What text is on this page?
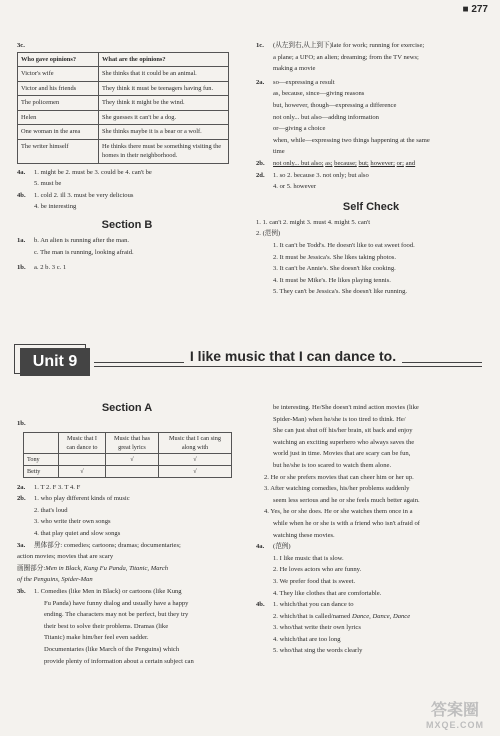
■ 277
3c.
Who gave opinions?	What are the opinions?
Victor's wife	She thinks that it could be an animal.
Victor and his friends	They think it must be teenagers having fun.
The policemen	They think it might be the wind.
Helen	She guesses it can't be a dog.
One woman in the area	She thinks maybe it is a bear or a wolf.
The writer himself	He thinks there must be something visiting the homes in their neighborhood.
4a.	1. might be 2. must be 3. could be 4. can't be
5. must be
4b.	1. cold 2. ill 3. must be very delicious
4. be interesting
Section B
1a.	b. An alien is running after the man.
c. The man is running, looking afraid.
1b.	a. 2 b. 3 c. 1
1c.	(从左到右,从上到下)late for work; running for exercise;
a plane; a UFO; an alien; dreaming; from the TV news;
making a movie
2a.	so—expressing a result
as, because, since—giving reasons
but, however, though—expressing a difference
not only... but also—adding information
or—giving a choice
when, while—expressing two things happening at the same
time
2b.	not only... but also; as; because; but; however; or; and
2d.	1. so 2. because 3. not only; but also
4. or 5. however
Self Check
1. 1. can't 2. might 3. must 4. might 5. can't
2. (范例)
1. It can't be Todd's. He doesn't like to eat sweet food.
2. It must be Jessica's. She likes taking photos.
3. It can't be Annie's. She doesn't like cooking.
4. It must be Mike's. He likes playing tennis.
5. They can't be Jessica's. She doesn't like running.
Unit 9	I like music that I can dance to.
Section A
1b.
	Music that I can dance to	Music that has great lyrics	Music that I can sing along with
Tony		√	√
Betty	√		√
2a.	1. T 2. F 3. T 4. F
2b.	1. who play different kinds of music
2. that's loud
3. who write their own songs
4. that play quiet and slow songs
3a.	黑体部分: comedies; cartoons; dramas; documentaries;
action movies; movies that are scary
画圈部分:Men in Black, Kung Fu Panda, Titanic, March
of the Penguins, Spider-Man
3b.	1. Comedies (like Men in Black) or cartoons (like Kung
Fu Panda) have funny dialog and usually have a happy
ending. The characters may not be perfect, but they try
their best to solve their problems. Dramas (like
Titanic) make him/her feel even sadder.
Documentaries (like March of the Penguins) which
provide plenty of information about a certain subject can
be interesting. He/She doesn't mind action movies (like
Spider-Man) when he/she is too tired to think. He/
She can just shut off his/her brain, sit back and enjoy
watching an exciting superhero who always saves the
world just in time. Movies that are scary can be fun,
but he/she is too scared to watch them alone.
2. He or she prefers movies that can cheer him or her up.
3. After watching comedies, his/her problems suddenly
seem less serious and he or she feels much better again.
4. Yes, he or she does. He or she watches them once in a
while when he or she is with a friend who isn't afraid of
watching these movies.
4a.	(范例)
1. I like music that is slow.
2. He loves actors who are funny.
3. We prefer food that is sweet.
4. They like clothes that are comfortable.
4b.	1. which/that you can dance to
2. which/that is called/named Dance, Dance, Dance
3. who/that write their own lyrics
4. which/that are too long
5. who/that sing the words clearly
答案圈
MXQE.COM
